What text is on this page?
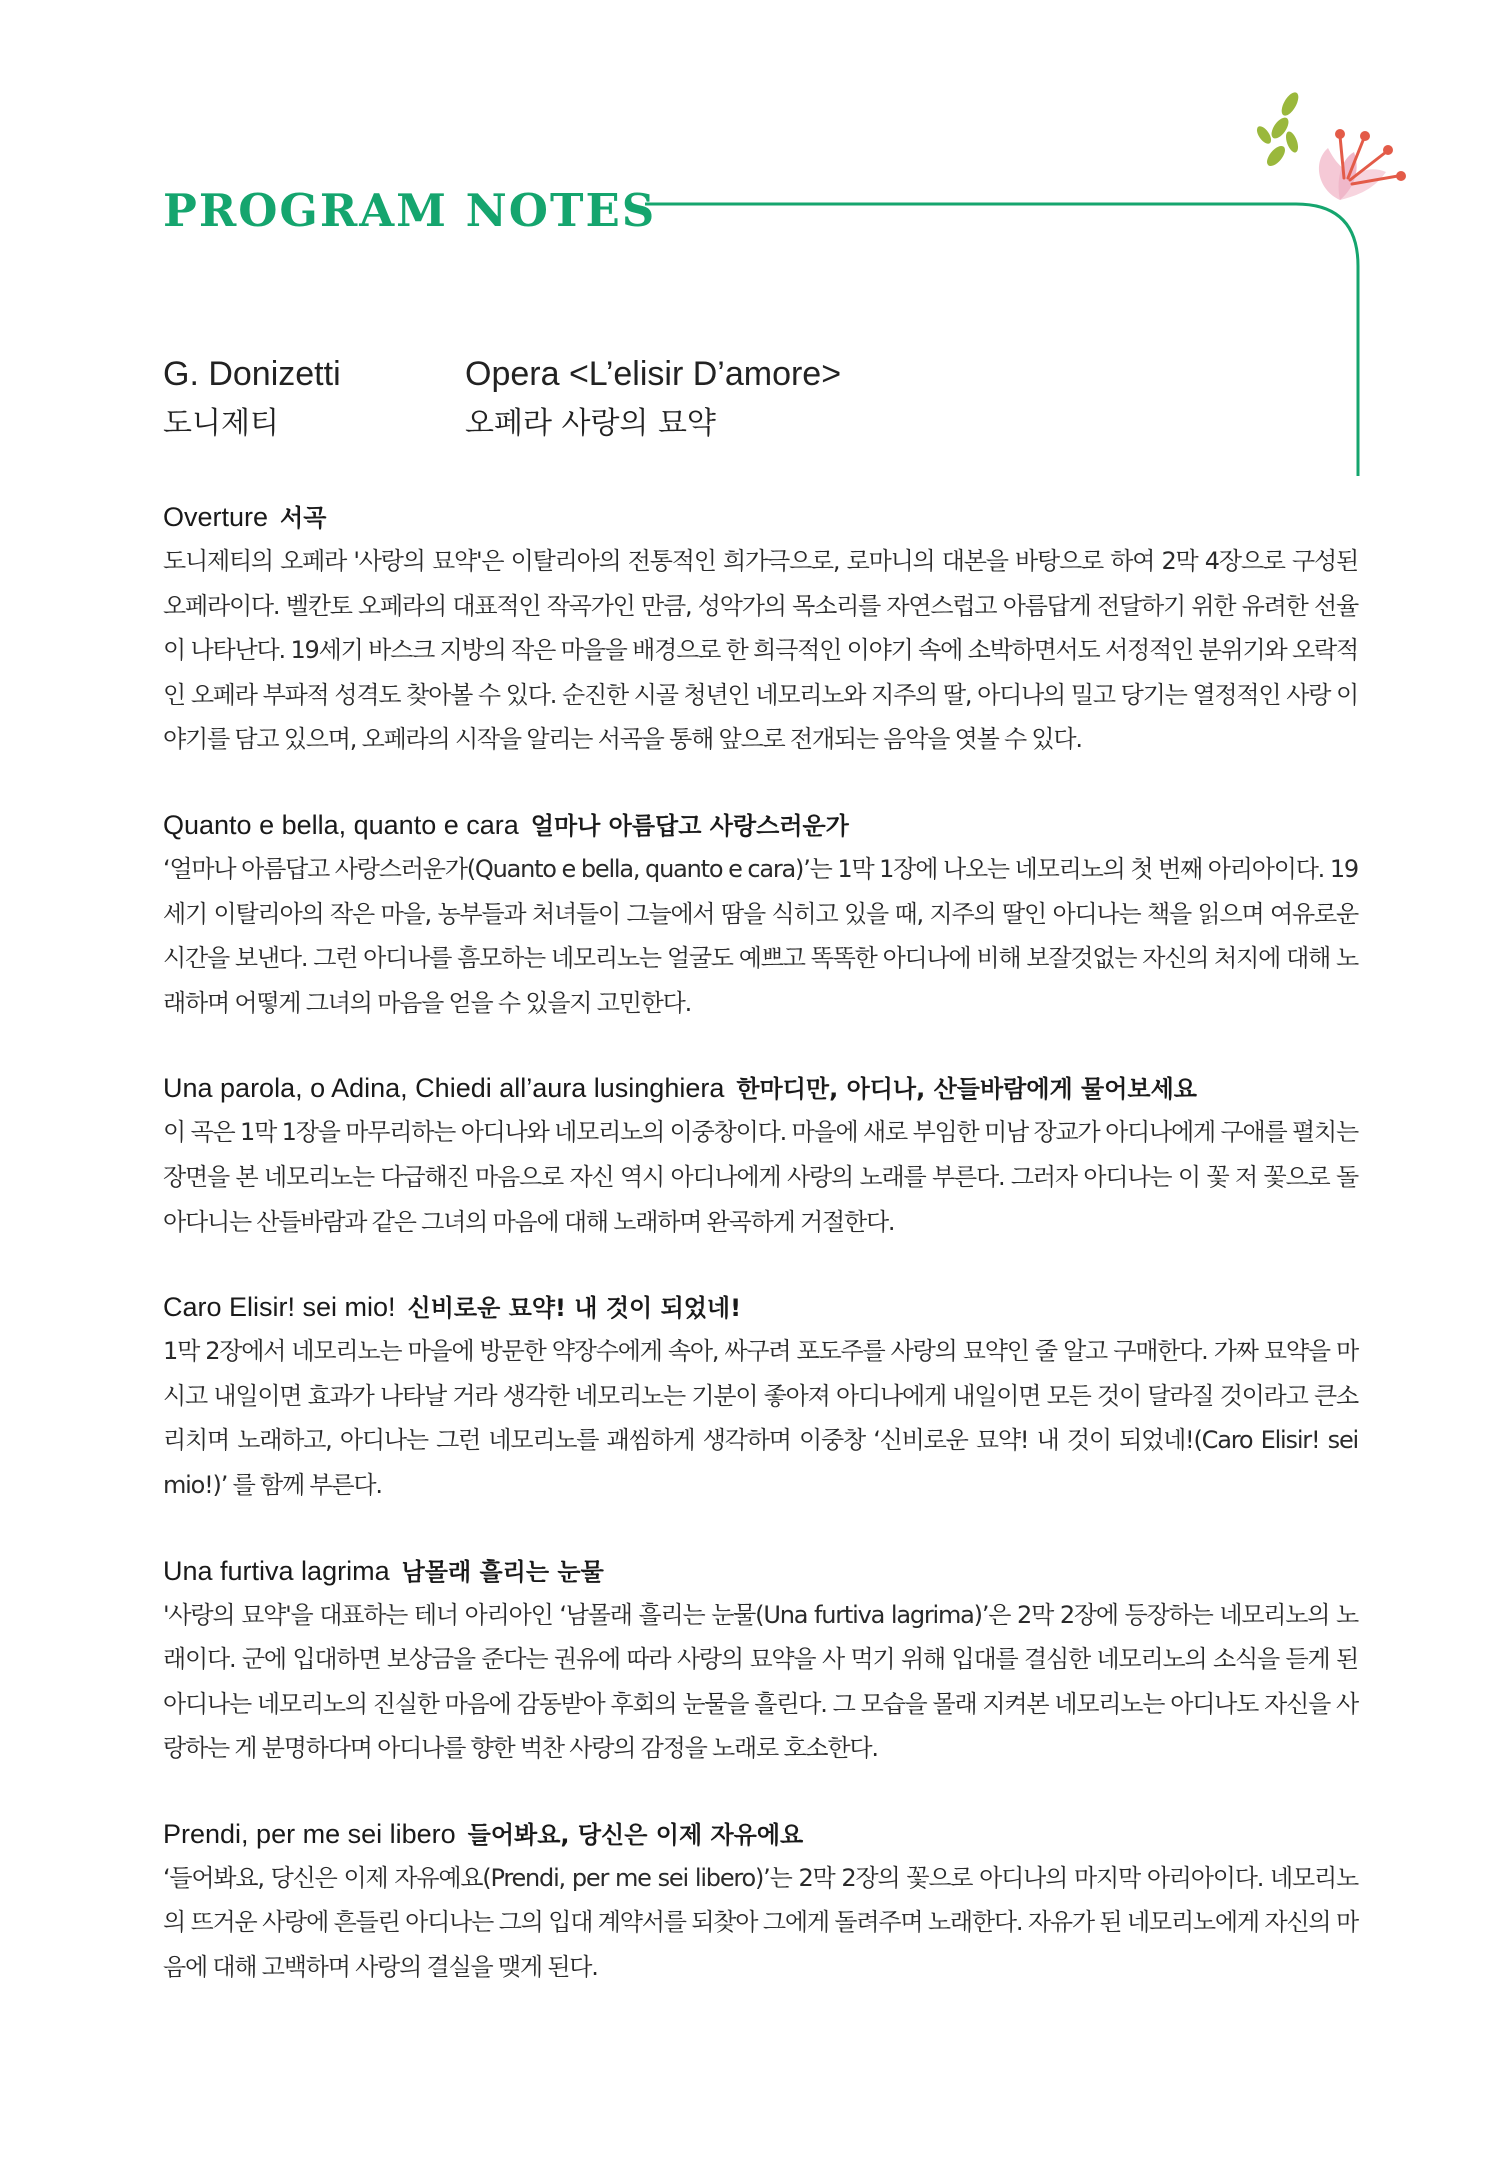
PROGRAM NOTES
G. Donizetti
도니제티
Opera <L’elisir D’amore>
오페라 사랑의 묘약
Overture 서곡
도니제티의 오페라 '사랑의 묘약'은 이탈리아의 전통적인 희가극으로, 로마니의 대본을 바탕으로 하여 2막 4장으로 구성된 오페라이다. 벨칸토 오페라의 대표적인 작곡가인 만큼, 성악가의 목소리를 자연스럽고 아름답게 전달하기 위한 유려한 선율이 나타난다. 19세기 바스크 지방의 작은 마을을 배경으로 한 희극적인 이야기 속에 소박하면서도 서정적인 분위기와 오락적인 오페라 부파적 성격도 찾아볼 수 있다. 순진한 시골 청년인 네모리노와 지주의 딸, 아디나의 밀고 당기는 열정적인 사랑 이야기를 담고 있으며, 오페라의 시작을 알리는 서곡을 통해 앞으로 전개되는 음악을 엿볼 수 있다.
Quanto e bella, quanto e cara 얼마나 아름답고 사랑스러운가
‘얼마나 아름답고 사랑스러운가(Quanto e bella, quanto e cara)’는 1막 1장에 나오는 네모리노의 첫 번째 아리아이다. 19세기 이탈리아의 작은 마을, 농부들과 처녀들이 그늘에서 땀을 식히고 있을 때, 지주의 딸인 아디나는 책을 읽으며 여유로운 시간을 보낸다. 그런 아디나를 흠모하는 네모리노는 얼굴도 예쁘고 똑똑한 아디나에 비해 보잘것없는 자신의 처지에 대해 노래하며 어떻게 그녀의 마음을 얻을 수 있을지 고민한다.
Una parola, o Adina, Chiedi all’aura lusinghiera 한마디만, 아디나, 산들바람에게 물어보세요
이 곡은 1막 1장을 마무리하는 아디나와 네모리노의 이중창이다. 마을에 새로 부임한 미남 장교가 아디나에게 구애를 펼치는 장면을 본 네모리노는 다급해진 마음으로 자신 역시 아디나에게 사랑의 노래를 부른다. 그러자 아디나는 이 꽃 저 꽃으로 돌아다니는 산들바람과 같은 그녀의 마음에 대해 노래하며 완곡하게 거절한다.
Caro Elisir! sei mio! 신비로운 묘약! 내 것이 되었네!
1막 2장에서 네모리노는 마을에 방문한 약장수에게 속아, 싸구려 포도주를 사랑의 묘약인 줄 알고 구매한다. 가짜 묘약을 마시고 내일이면 효과가 나타날 거라 생각한 네모리노는 기분이 좋아져 아디나에게 내일이면 모든 것이 달라질 것이라고 큰소리치며 노래하고, 아디나는 그런 네모리노를 괘씸하게 생각하며 이중창 ‘신비로운 묘약! 내 것이 되었네!(Caro Elisir! sei mio!)’ 를 함께 부른다.
Una furtiva lagrima 남몰래 흘리는 눈물
'사랑의 묘약'을 대표하는 테너 아리아인 ‘남몰래 흘리는 눈물(Una furtiva lagrima)’은 2막 2장에 등장하는 네모리노의 노래이다. 군에 입대하면 보상금을 준다는 권유에 따라 사랑의 묘약을 사 먹기 위해 입대를 결심한 네모리노의 소식을 듣게 된 아디나는 네모리노의 진실한 마음에 감동받아 후회의 눈물을 흘린다. 그 모습을 몰래 지켜본 네모리노는 아디나도 자신을 사랑하는 게 분명하다며 아디나를 향한 벅찬 사랑의 감정을 노래로 호소한다.
Prendi, per me sei libero 들어봐요, 당신은 이제 자유에요
‘들어봐요, 당신은 이제 자유예요(Prendi, per me sei libero)’는 2막 2장의 꽃으로 아디나의 마지막 아리아이다. 네모리노의 뜨거운 사랑에 흔들린 아디나는 그의 입대 계약서를 되찾아 그에게 돌려주며 노래한다. 자유가 된 네모리노에게 자신의 마음에 대해 고백하며 사랑의 결실을 맺게 된다.
